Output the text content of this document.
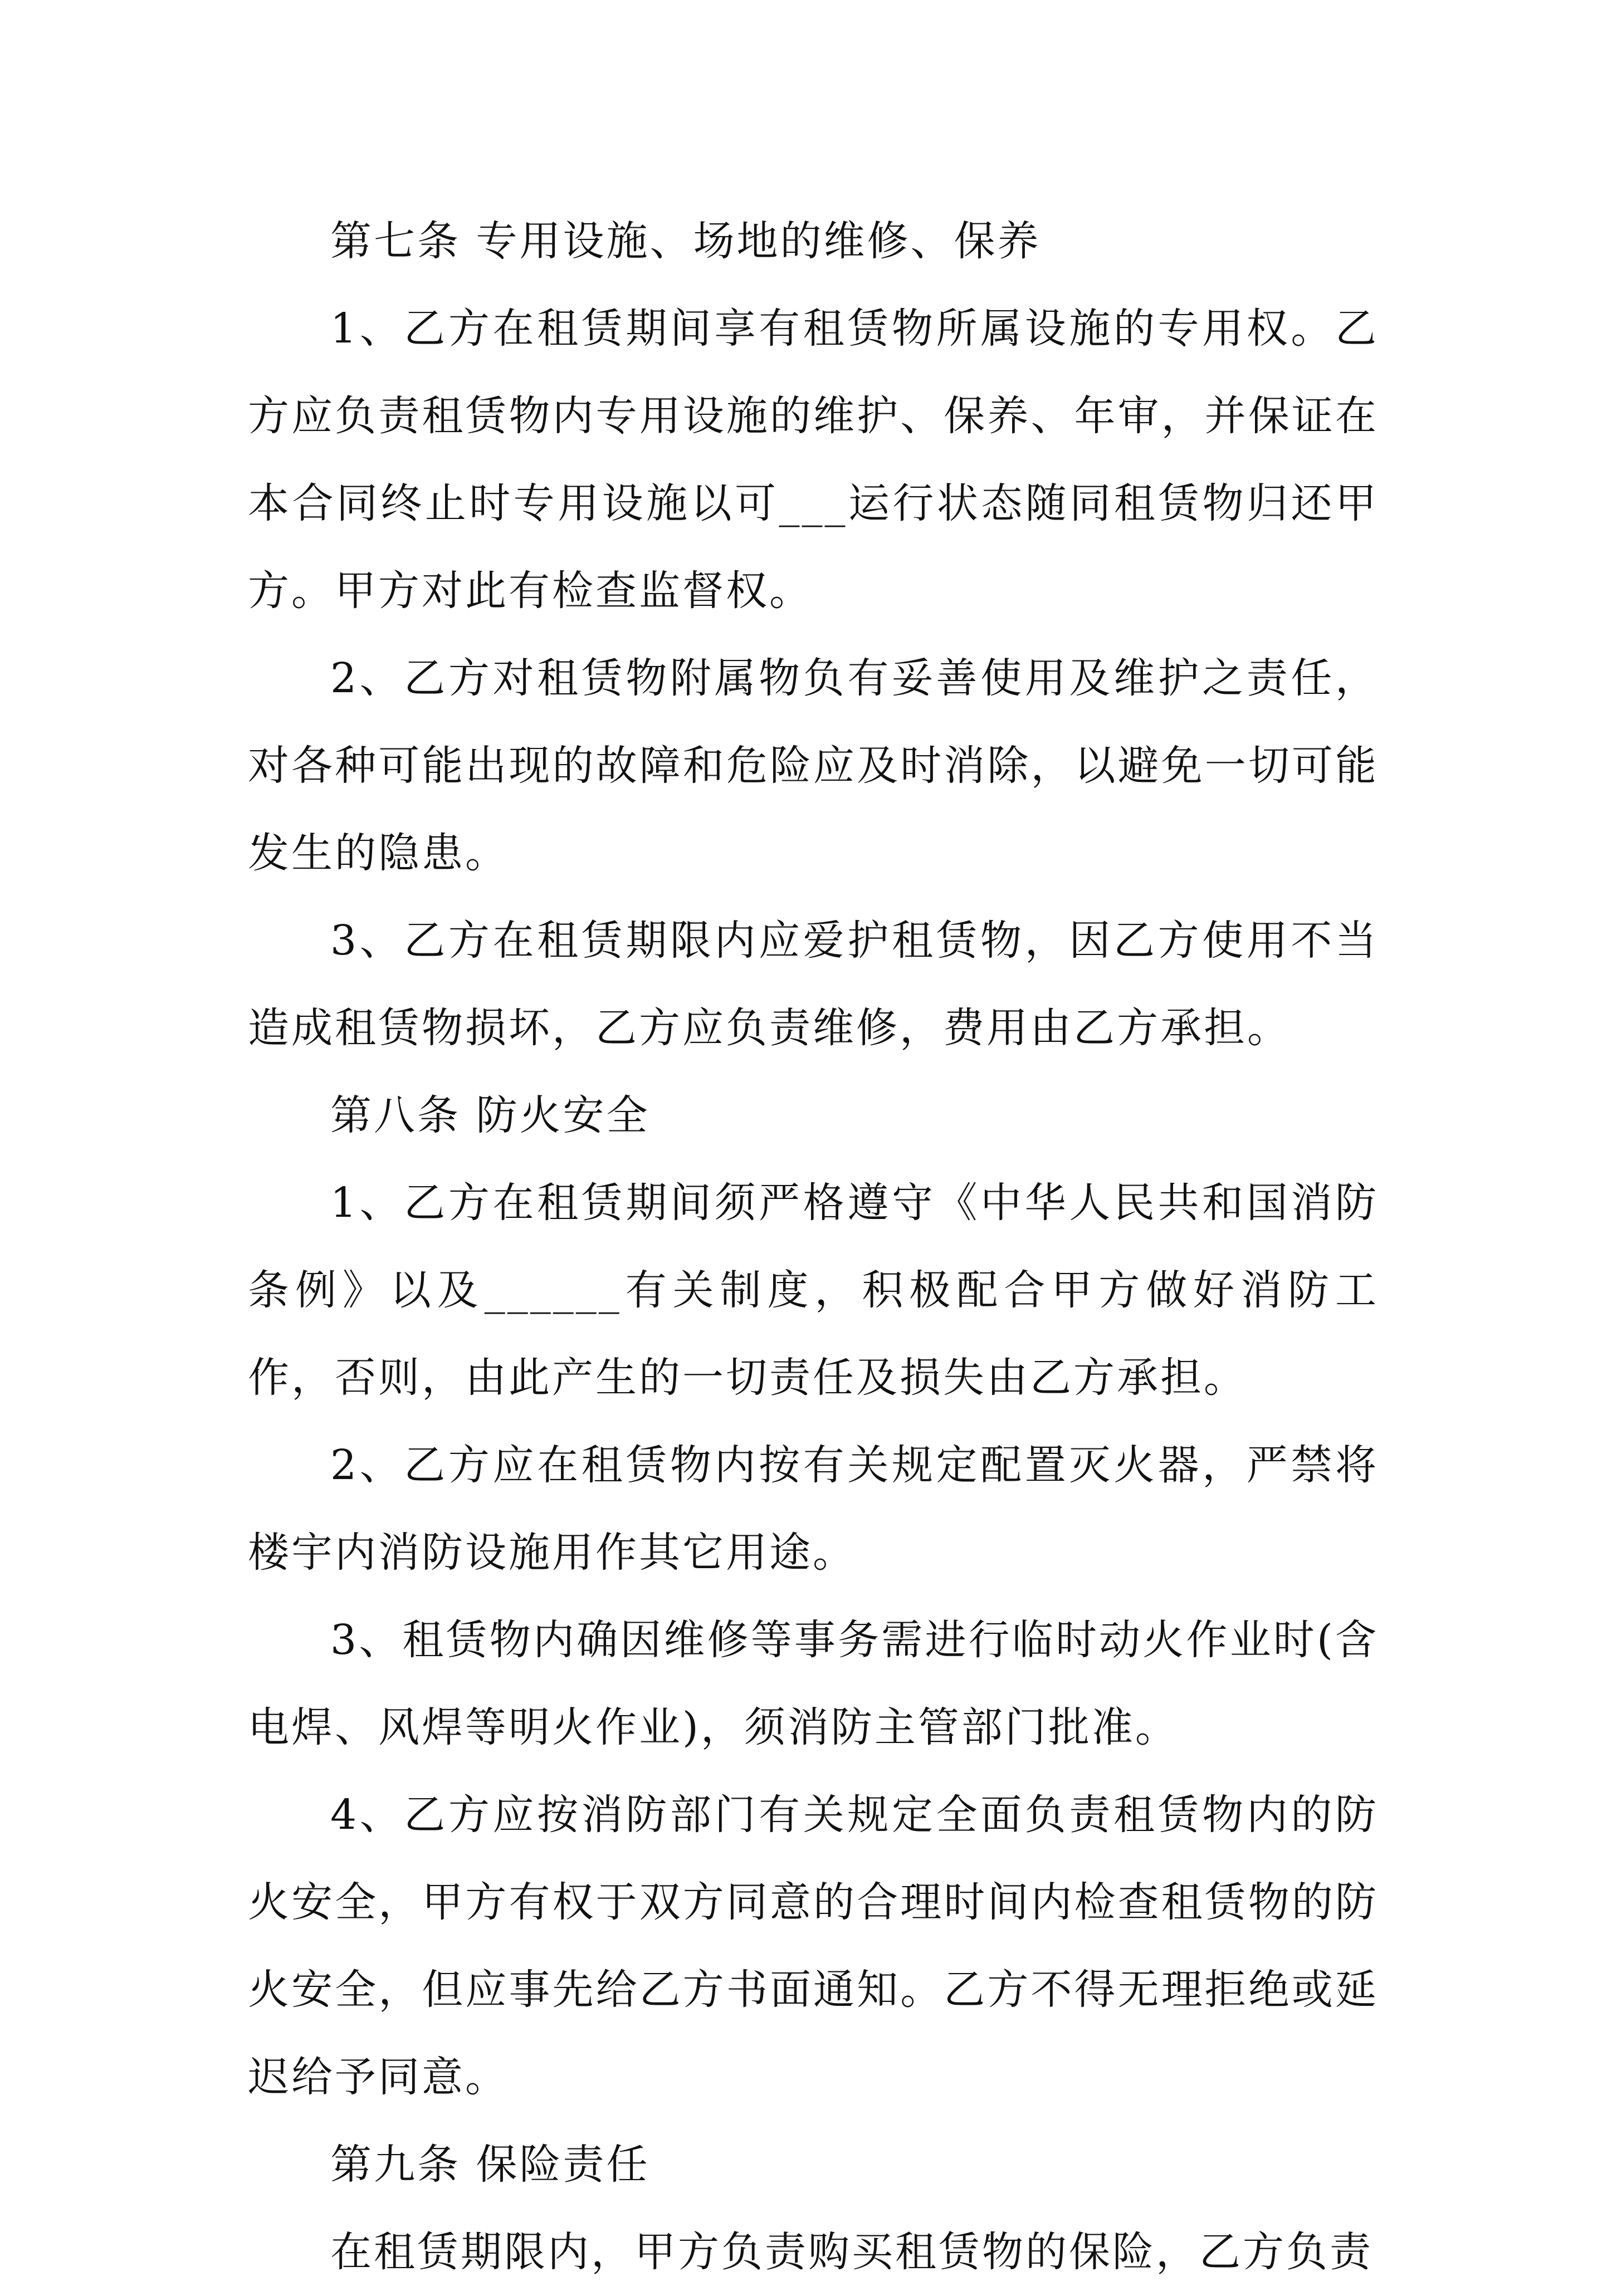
第七条 专用设施、场地的维修、保养

1、乙方在租赁期间享有租赁物所属设施的专用权。乙方应负责租赁物内专用设施的维护、保养、年审，并保证在本合同终止时专用设施以可___运行状态随同租赁物归还甲方。甲方对此有检查监督权。

2、乙方对租赁物附属物负有妥善使用及维护之责任，对各种可能出现的故障和危险应及时消除，以避免一切可能发生的隐患。

3、乙方在租赁期限内应爱护租赁物，因乙方使用不当造成租赁物损坏，乙方应负责维修，费用由乙方承担。

第八条 防火安全

1、乙方在租赁期间须严格遵守《中华人民共和国消防条例》以及______有关制度，积极配合甲方做好消防工作，否则，由此产生的一切责任及损失由乙方承担。

2、乙方应在租赁物内按有关规定配置灭火器，严禁将楼宇内消防设施用作其它用途。

3、租赁物内确因维修等事务需进行临时动火作业时(含电焊、风焊等明火作业)，须消防主管部门批准。

4、乙方应按消防部门有关规定全面负责租赁物内的防火安全，甲方有权于双方同意的合理时间内检查租赁物的防火安全，但应事先给乙方书面通知。乙方不得无理拒绝或延迟给予同意。

第九条 保险责任

在租赁期限内，甲方负责购买租赁物的保险，乙方负责
